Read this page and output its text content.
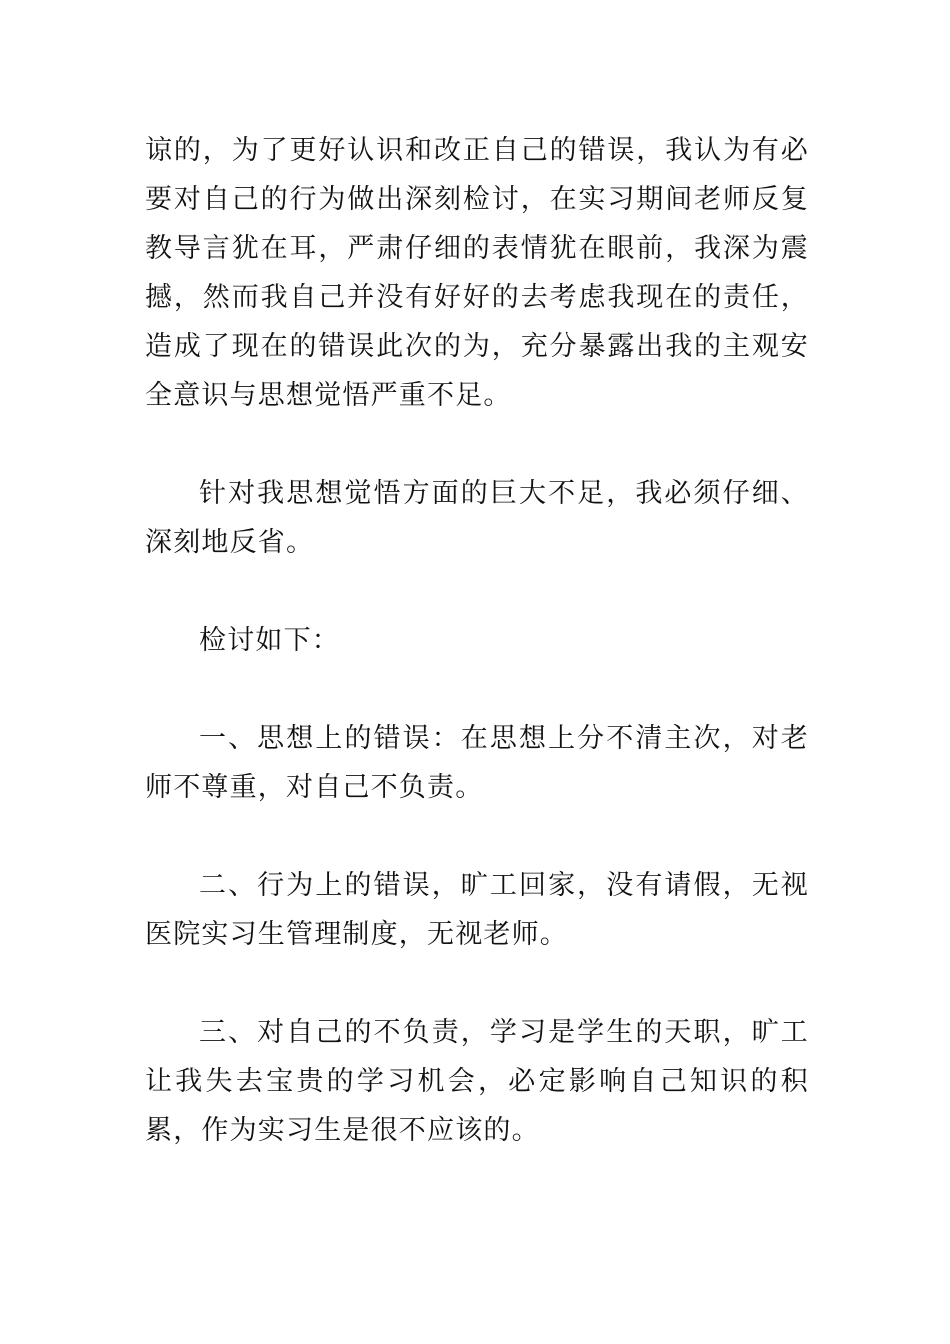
谅的，为了更好认识和改正自己的错误，我认为有必要对自己的行为做出深刻检讨，在实习期间老师反复教导言犹在耳，严肃仔细的表情犹在眼前，我深为震撼，然而我自己并没有好好的去考虑我现在的责任，造成了现在的错误此次的为，充分暴露出我的主观安全意识与思想觉悟严重不足。

针对我思想觉悟方面的巨大不足，我必须仔细、深刻地反省。

检讨如下：

一、思想上的错误：在思想上分不清主次，对老师不尊重，对自己不负责。

二、行为上的错误，旷工回家，没有请假，无视医院实习生管理制度，无视老师。

三、对自己的不负责，学习是学生的天职，旷工让我失去宝贵的学习机会，必定影响自己知识的积累，作为实习生是很不应该的。
